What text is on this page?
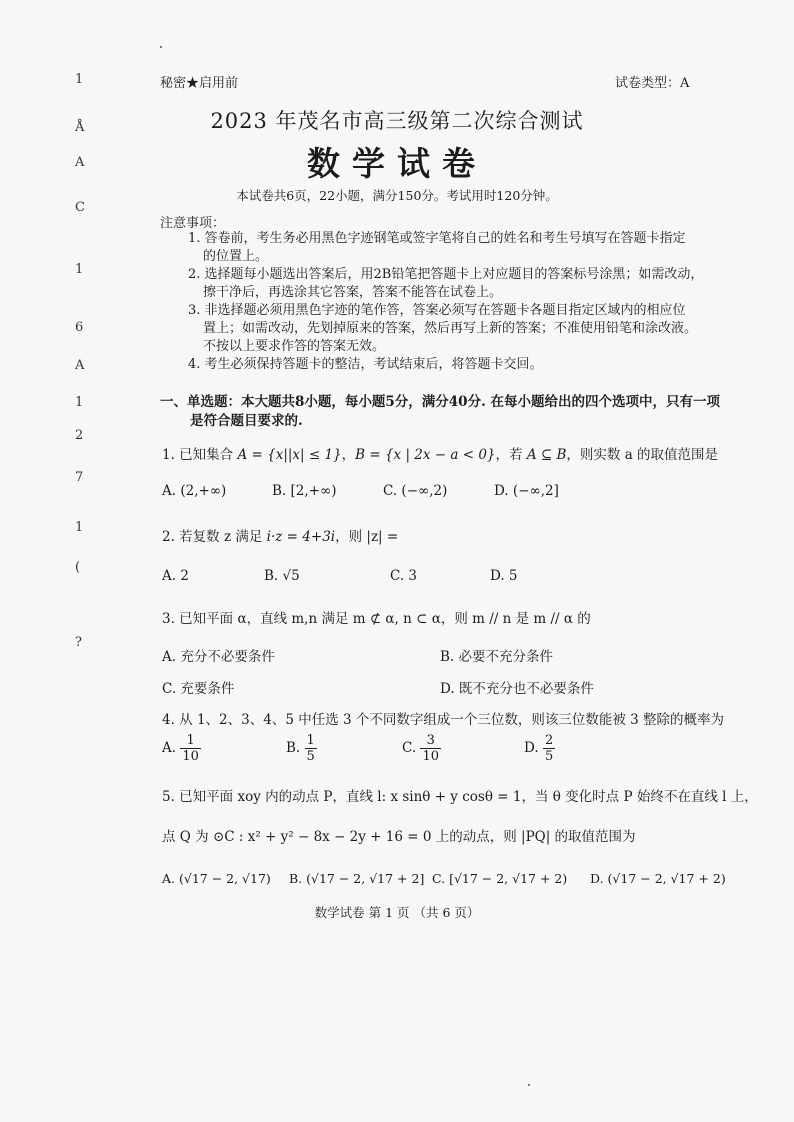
1
Å
A
C
1
6
A
1
2
7
1
(
?
秘密★启用前	试卷类型：A
2023 年茂名市高三级第二次综合测试
数学试卷
本试卷共6页，22小题，满分150分。考试用时120分钟。
注意事项：
1. 答卷前，考生务必用黑色字迹钢笔或签字笔将自己的姓名和考生号填写在答题卡指定
的位置上。
2. 选择题每小题选出答案后，用2B铅笔把答题卡上对应题目的答案标号涂黑；如需改动，
擦干净后，再选涂其它答案，答案不能答在试卷上。
3. 非选择题必须用黑色字迹的笔作答，答案必须写在答题卡各题目指定区域内的相应位
置上；如需改动，先划掉原来的答案，然后再写上新的答案；不准使用铅笔和涂改液。
不按以上要求作答的答案无效。
4. 考生必须保持答题卡的整洁，考试结束后，将答题卡交回。
一、单选题：本大题共8小题，每小题5分，满分40分. 在每小题给出的四个选项中，只有一项
是符合题目要求的.
1. 已知集合 A = {x||x| ≤ 1}，B = {x | 2x − a < 0}，若 A ⊆ B，则实数 a 的取值范围是
A. (2,+∞)	B. [2,+∞)	C. (−∞,2)	D. (−∞,2]
2. 若复数 z 满足 i·z = 4+3i，则 |z| =
A. 2	B. √5	C. 3	D. 5
3. 已知平面 α，直线 m,n 满足 m ⊄ α, n ⊂ α，则 m // n 是 m // α 的
A. 充分不必要条件	B. 必要不充分条件
C. 充要条件	D. 既不充分也不必要条件
4. 从 1、2、3、4、5 中任选 3 个不同数字组成一个三位数，则该三位数能被 3 整除的概率为
A. $\frac{1}{10}$	B. $\frac{1}{5}$	C. $\frac{3}{10}$	D. $\frac{2}{5}$
5. 已知平面 xoy 内的动点 P，直线 l: x sinθ + y cosθ = 1，当 θ 变化时点 P 始终不在直线 l 上，
点 Q 为 ⊙C : x² + y² − 8x − 2y + 16 = 0 上的动点，则 |PQ| 的取值范围为
A. (√17 − 2, √17) B. (√17 − 2, √17 + 2] C. [√17 − 2, √17 + 2) D. (√17 − 2, √17 + 2)
数学试卷 第 1 页 （共 6 页）
